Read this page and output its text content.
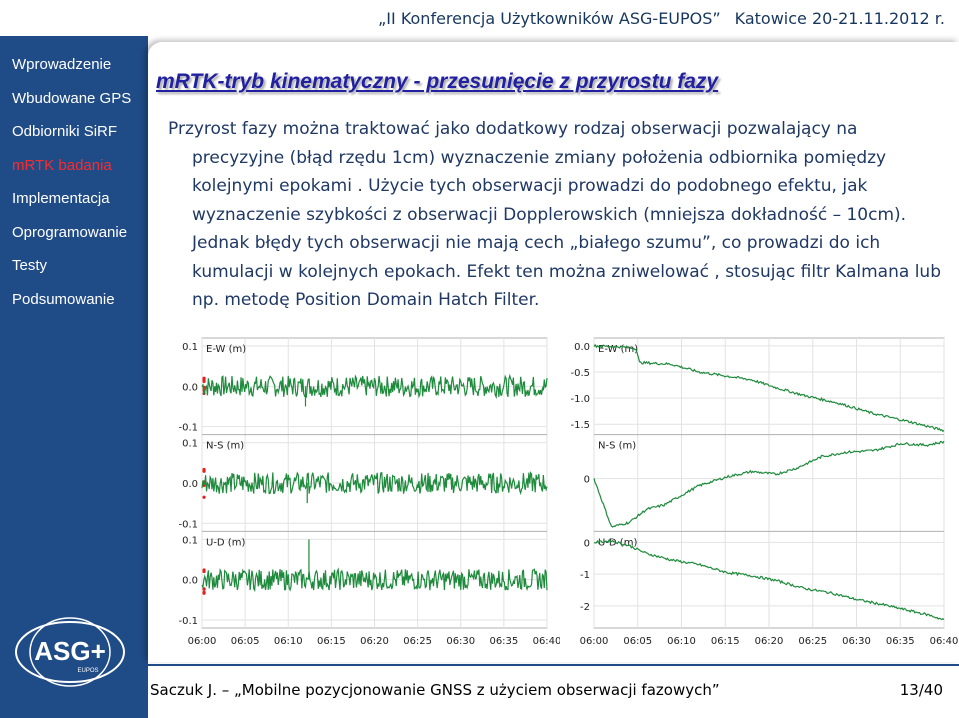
„II Konferencja Użytkowników ASG-EUPOS” Katowice 20-21.11.2012 r.
Wprowadzenie
Wbudowane GPS
Odbiorniki SiRF
mRTK badania
Implementacja
Oprogramowanie
Testy
Podsumowanie
ASG+
EUPOS
mRTK-tryb kinematyczny - przesunięcie z przyrostu fazy
Przyrost fazy można traktować jako dodatkowy rodzaj obserwacji pozwalający na
precyzyjne (błąd rzędu 1cm) wyznaczenie zmiany położenia odbiornika pomiędzy kolejnymi epokami . Użycie tych obserwacji prowadzi do podobnego efektu, jak wyznaczenie szybkości z obserwacji Dopplerowskich (mniejsza dokładność – 10cm). Jednak błędy tych obserwacji nie mają cech „białego szumu”, co prowadzi do ich kumulacji w kolejnych epokach. Efekt ten można zniwelować , stosując filtr Kalmana lub np. metodę Position Domain Hatch Filter.
06:00 06:05 06:10 06:15 06:20 06:25 06:30 06:35 06:40
0.1
0.0
-0.1
E-W (m)
0.1
0.0
-0.1
N-S (m)
0.1
0.0
-0.1
U-D (m)
06:00 06:05 06:10 06:15 06:20 06:25 06:30 06:35 06:40
0.0
-0.5
-1.0
-1.5
E-W (m)
0
N-S (m)
0
-1
-2
U-D (m)
Saczuk J. – „Mobilne pozycjonowanie GNSS z użyciem obserwacji fazowych”	13/40
